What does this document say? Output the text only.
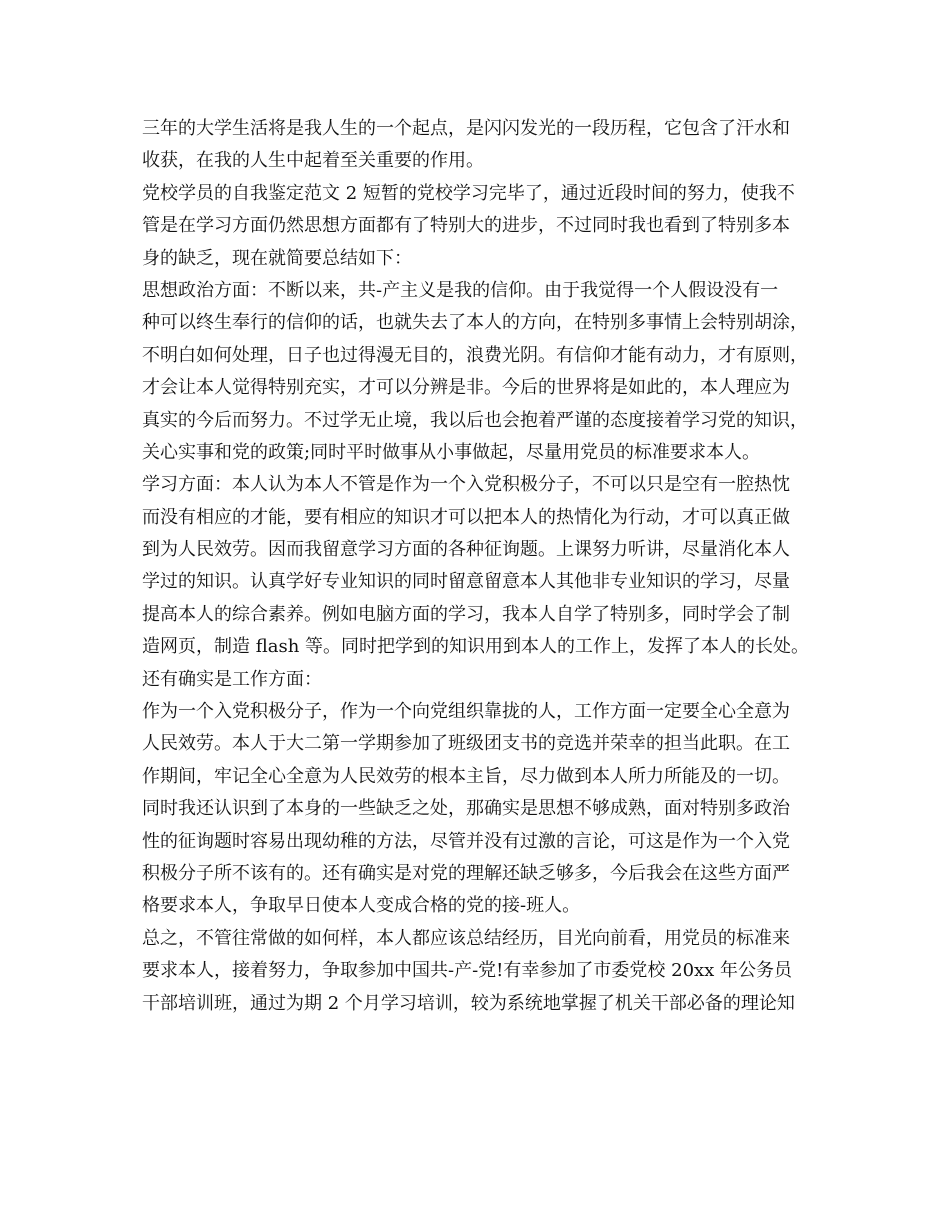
三年的大学生活将是我人生的一个起点，是闪闪发光的一段历程，它包含了汗水和
收获，在我的人生中起着至关重要的作用。
党校学员的自我鉴定范文 2 短暂的党校学习完毕了，通过近段时间的努力，使我不
管是在学习方面仍然思想方面都有了特别大的进步，不过同时我也看到了特别多本
身的缺乏，现在就简要总结如下：
思想政治方面：不断以来，共-产主义是我的信仰。由于我觉得一个人假设没有一
种可以终生奉行的信仰的话，也就失去了本人的方向，在特别多事情上会特别胡涂，
不明白如何处理，日子也过得漫无目的，浪费光阴。有信仰才能有动力，才有原则，
才会让本人觉得特别充实，才可以分辨是非。今后的世界将是如此的，本人理应为
真实的今后而努力。不过学无止境，我以后也会抱着严谨的态度接着学习党的知识，
关心实事和党的政策;同时平时做事从小事做起，尽量用党员的标准要求本人。
学习方面：本人认为本人不管是作为一个入党积极分子，不可以只是空有一腔热忱
而没有相应的才能，要有相应的知识才可以把本人的热情化为行动，才可以真正做
到为人民效劳。因而我留意学习方面的各种征询题。上课努力听讲，尽量消化本人
学过的知识。认真学好专业知识的同时留意留意本人其他非专业知识的学习，尽量
提高本人的综合素养。例如电脑方面的学习，我本人自学了特别多，同时学会了制
造网页，制造 flash 等。同时把学到的知识用到本人的工作上，发挥了本人的长处。
还有确实是工作方面：
作为一个入党积极分子，作为一个向党组织靠拢的人，工作方面一定要全心全意为
人民效劳。本人于大二第一学期参加了班级团支书的竞选并荣幸的担当此职。在工
作期间，牢记全心全意为人民效劳的根本主旨，尽力做到本人所力所能及的一切。
同时我还认识到了本身的一些缺乏之处，那确实是思想不够成熟，面对特别多政治
性的征询题时容易出现幼稚的方法，尽管并没有过激的言论，可这是作为一个入党
积极分子所不该有的。还有确实是对党的理解还缺乏够多，今后我会在这些方面严
格要求本人，争取早日使本人变成合格的党的接-班人。
总之，不管往常做的如何样，本人都应该总结经历，目光向前看，用党员的标准来
要求本人，接着努力，争取参加中国共-产-党!有幸参加了市委党校 20xx 年公务员
干部培训班，通过为期 2 个月学习培训，较为系统地掌握了机关干部必备的理论知
